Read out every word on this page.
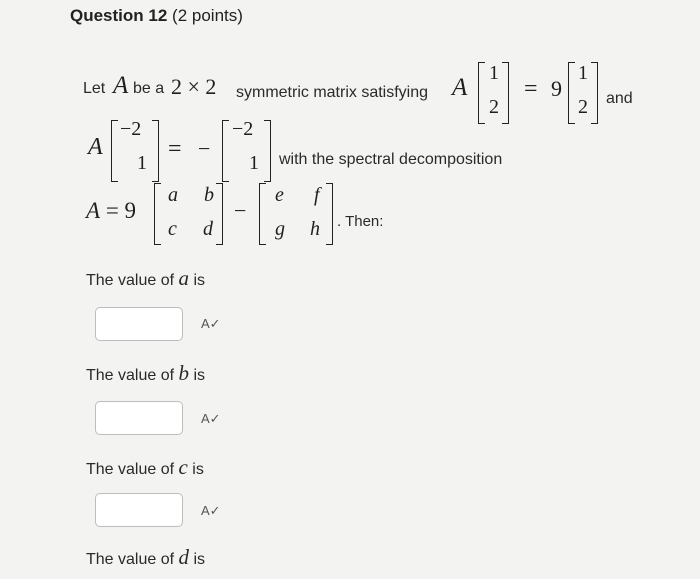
Question 12 (2 points)
Let A be a 2 × 2 symmetric matrix satisfying A
1
2
= 9
1
2 and
A
−2
1
= −
−2
1 with the spectral decomposition
A = 9
a b
c d
−
e f
g h . Then:
The value of a is
A✓
The value of b is
A✓
The value of c is
A✓
The value of d is
